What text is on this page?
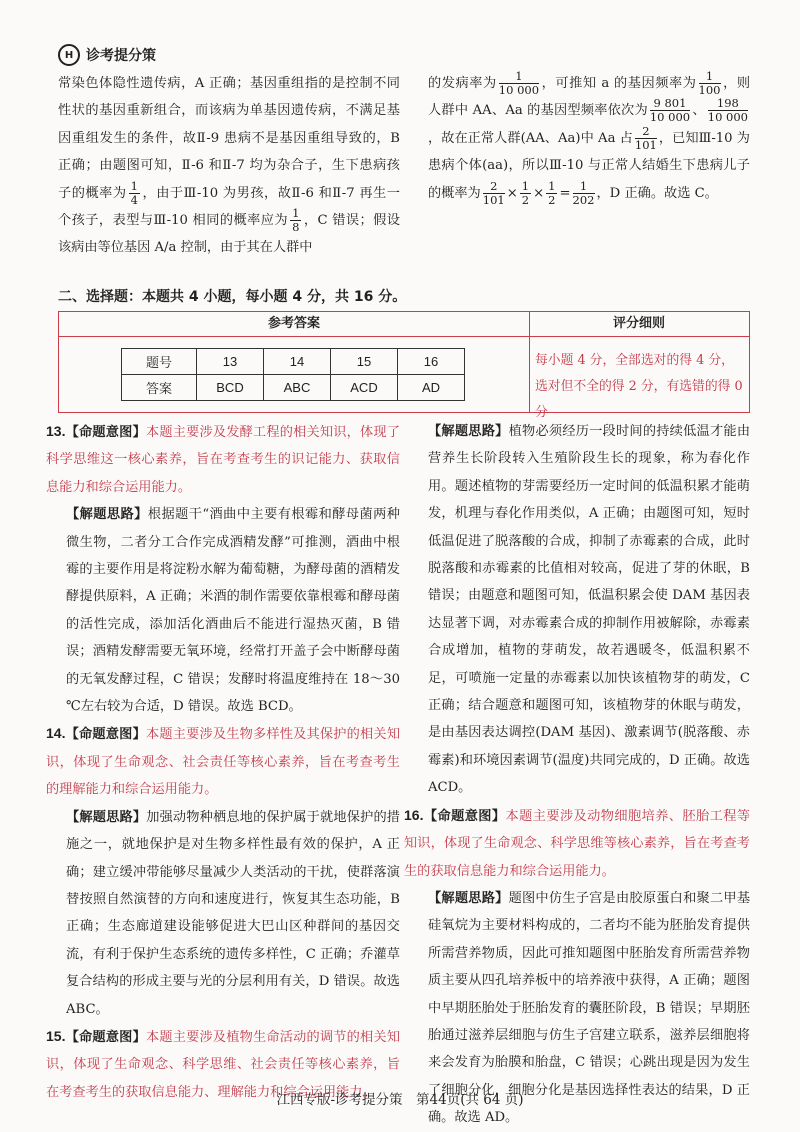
H 诊考提分策

常染色体隐性遗传病，A 正确；基因重组指的是控制不同性状的基因重新组合，而该病为单基因遗传病，不满足基因重组发生的条件，故Ⅱ-9 患病不是基因重组导致的，B 正确；由题图可知，Ⅱ-6 和Ⅱ-7 均为杂合子，生下患病孩子的概率为 $\frac{1}{4}$ ，由于Ⅲ-10 为男孩，故Ⅱ-6 和Ⅱ-7 再生一个孩子，表型与Ⅲ-10 相同的概率应为 $\frac{1}{8}$ ，C 错误；假设该病由等位基因 A/a 控制，由于其在人群中

的发病率为 $\frac{1}{10 000}$ ，可推知 a 的基因频率为 $\frac{1}{100}$ ，则人群中 AA、Aa 的基因型频率依次为 $\frac{9 801}{10 000}$ 、 $\frac{198}{10 000}$
，故在正常人群(AA、Aa)中 Aa 占 $\frac{2}{101}$ ，已知Ⅲ-10 为患病个体(aa)，所以Ⅲ-10 与正常人结婚生下患病儿子的概率为 $\frac{2}{101} \times \frac{1}{2} \times \frac{1}{2} = \frac{1}{202}$ ，D 正确。故选 C。

二、选择题：本题共 4 小题，每小题 4 分，共 16 分。
参考答案	评分细则
题号	13	14	15	16
答案	BCD	ABC	ACD	AD
每小题 4 分，全部选对的得 4 分，选对但不全的得 2 分，有选错的得 0 分

13.【命题意图】本题主要涉及发酵工程的相关知识，体现了科学思维这一核心素养，旨在考查考生的识记能力、获取信息能力和综合运用能力。

【解题思路】根据题干“酒曲中主要有根霉和酵母菌两种微生物，二者分工合作完成酒精发酵”可推测，酒曲中根霉的主要作用是将淀粉水解为葡萄糖，为酵母菌的酒精发酵提供原料，A 正确；米酒的制作需要依靠根霉和酵母菌的活性完成，添加活化酒曲后不能进行湿热灭菌，B 错误；酒精发酵需要无氧环境，经常打开盖子会中断酵母菌的无氧发酵过程，C 错误；发酵时将温度维持在 18～30 ℃左右较为合适，D 错误。故选 BCD。

14.【命题意图】本题主要涉及生物多样性及其保护的相关知识，体现了生命观念、社会责任等核心素养，旨在考查考生的理解能力和综合运用能力。

【解题思路】加强动物种栖息地的保护属于就地保护的措施之一，就地保护是对生物多样性最有效的保护，A 正确；建立缓冲带能够尽量减少人类活动的干扰，使群落演替按照自然演替的方向和速度进行，恢复其生态功能，B 正确；生态廊道建设能够促进大巴山区种群间的基因交流，有利于保护生态系统的遗传多样性，C 正确；乔灌草复合结构的形成主要与光的分层利用有关，D 错误。故选 ABC。

15.【命题意图】本题主要涉及植物生命活动的调节的相关知识，体现了生命观念、科学思维、社会责任等核心素养，旨在考查考生的获取信息能力、理解能力和综合运用能力。

【解题思路】植物必须经历一段时间的持续低温才能由营养生长阶段转入生殖阶段生长的现象，称为春化作用。题述植物的芽需要经历一定时间的低温积累才能萌发，机理与春化作用类似，A 正确；由题图可知，短时低温促进了脱落酸的合成，抑制了赤霉素的合成，此时脱落酸和赤霉素的比值相对较高，促进了芽的休眠，B 错误；由题意和题图可知，低温积累会使 DAM 基因表达显著下调，对赤霉素合成的抑制作用被解除，赤霉素合成增加，植物的芽萌发，故若遇暖冬，低温积累不足，可喷施一定量的赤霉素以加快该植物芽的萌发，C 正确；结合题意和题图可知，该植物芽的休眠与萌发，是由基因表达调控(DAM 基因)、激素调节(脱落酸、赤霉素)和环境因素调节(温度)共同完成的，D 正确。故选 ACD。

16.【命题意图】本题主要涉及动物细胞培养、胚胎工程等知识，体现了生命观念、科学思维等核心素养，旨在考查考生的获取信息能力和综合运用能力。

【解题思路】题图中仿生子宫是由胶原蛋白和聚二甲基硅氧烷为主要材料构成的，二者均不能为胚胎发育提供所需营养物质，因此可推知题图中胚胎发育所需营养物质主要从四孔培养板中的培养液中获得，A 正确；题图中早期胚胎处于胚胎发育的囊胚阶段，B 错误；早期胚胎通过滋养层细胞与仿生子宫建立联系，滋养层细胞将来会发育为胎膜和胎盘，C 错误；心跳出现是因为发生了细胞分化，细胞分化是基因选择性表达的结果，D 正确。故选 AD。

江西专版-诊考提分策　第44页(共 64 页)
